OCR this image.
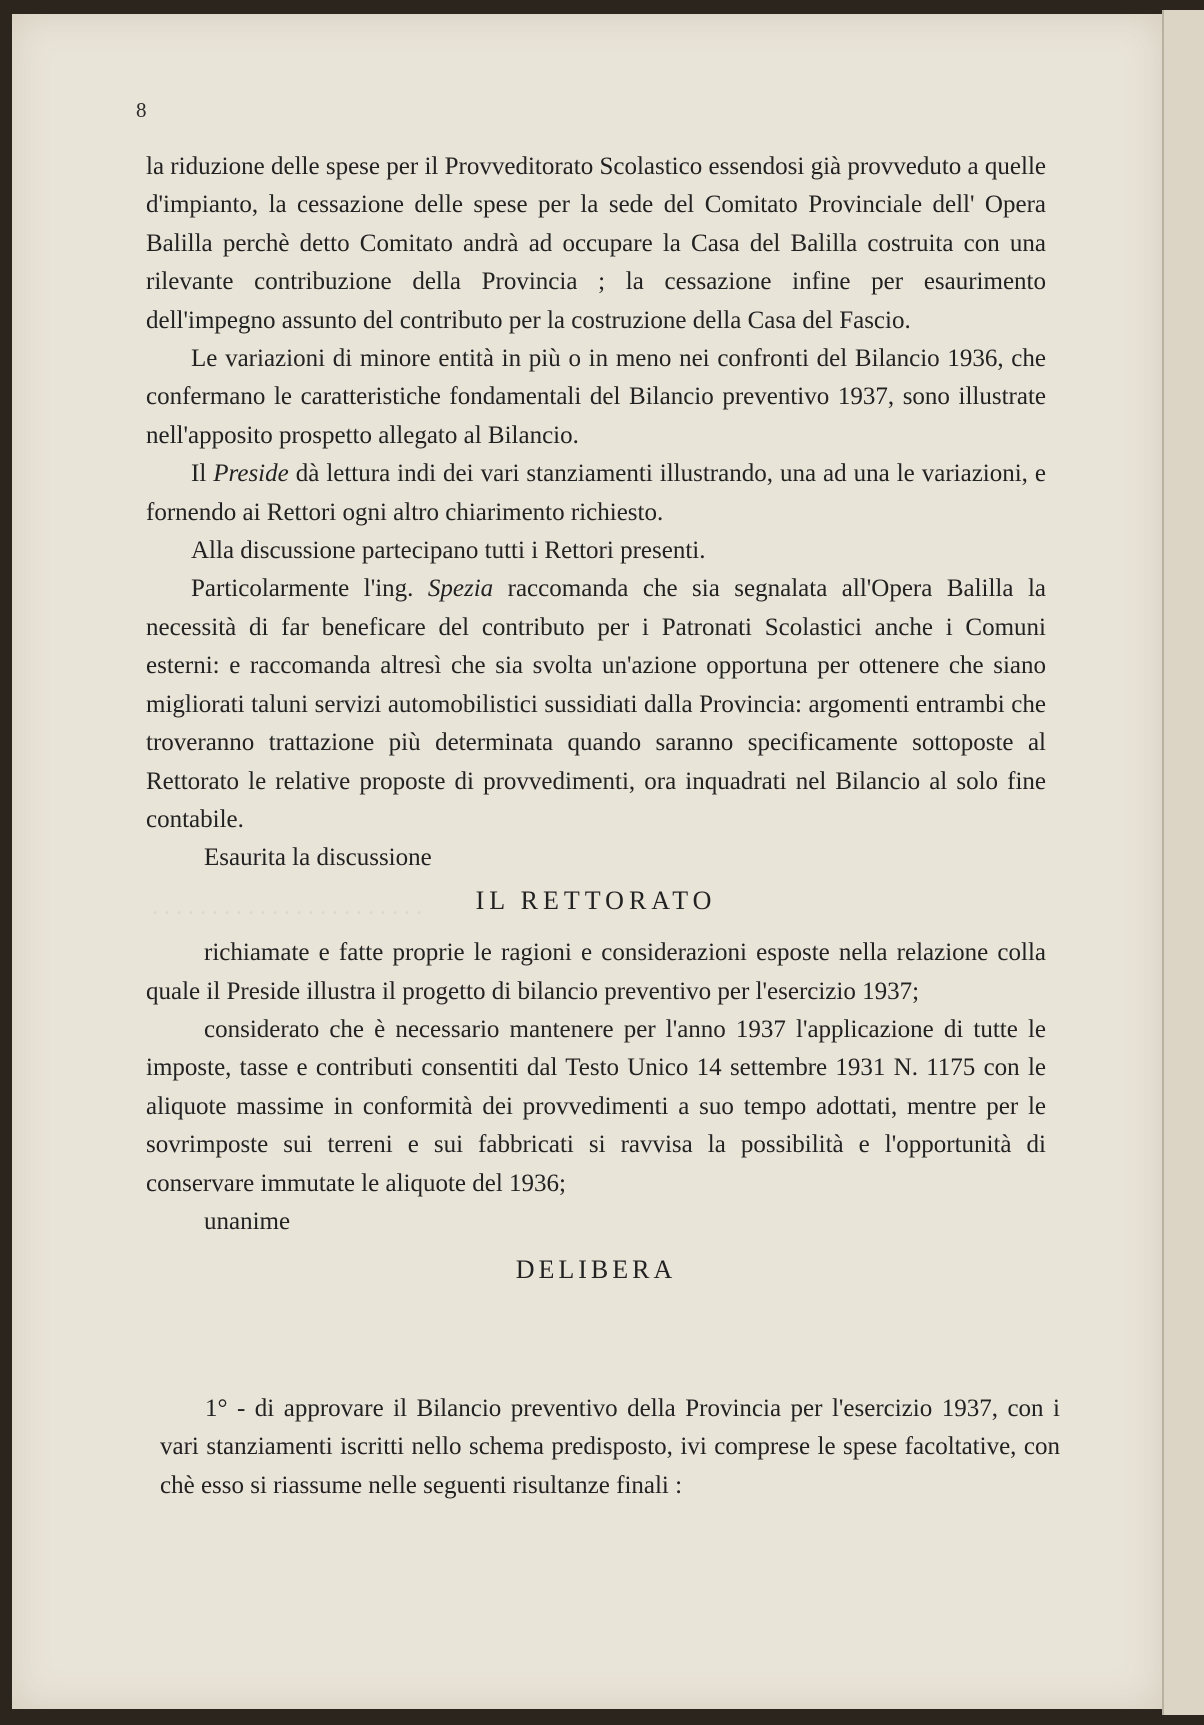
. . . . . . . . . . . . . . . . . . . . . . .
8

la riduzione delle spese per il Provveditorato Scolastico essendosi già provveduto a quelle d'impianto, la cessazione delle spese per la sede del Comitato Provinciale dell' Opera Balilla perchè detto Comitato andrà ad occupare la Casa del Balilla costruita con una rilevante contribuzione della Provincia ; la cessazione infine per esaurimento dell'impegno assunto del contributo per la costruzione della Casa del Fascio.

Le variazioni di minore entità in più o in meno nei confronti del Bilancio 1936, che confermano le caratteristiche fondamentali del Bilancio preventivo 1937, sono illustrate nell'apposito prospetto allegato al Bilancio.

Il Preside dà lettura indi dei vari stanziamenti illustrando, una ad una le variazioni, e fornendo ai Rettori ogni altro chiarimento richiesto.

Alla discussione partecipano tutti i Rettori presenti.

Particolarmente l'ing. Spezia raccomanda che sia segnalata all'Opera Balilla la necessità di far beneficare del contributo per i Patronati Scolastici anche i Comuni esterni: e raccomanda altresì che sia svolta un'azione opportuna per ottenere che siano migliorati taluni servizi automobilistici sussidiati dalla Provincia: argomenti entrambi che troveranno trattazione più determinata quando saranno specificamente sottoposte al Rettorato le relative proposte di provvedimenti, ora inquadrati nel Bilancio al solo fine contabile.

Esaurita la discussione

IL RETTORATO

richiamate e fatte proprie le ragioni e considerazioni esposte nella relazione colla quale il Preside illustra il progetto di bilancio preventivo per l'esercizio 1937;

considerato che è necessario mantenere per l'anno 1937 l'applicazione di tutte le imposte, tasse e contributi consentiti dal Testo Unico 14 settembre 1931 N. 1175 con le aliquote massime in conformità dei provvedimenti a suo tempo adottati, mentre per le sovrimposte sui terreni e sui fabbricati si ravvisa la possibilità e l'opportunità di conservare immutate le aliquote del 1936;

unanime

DELIBERA

1° - di approvare il Bilancio preventivo della Provincia per l'esercizio 1937, con i vari stanziamenti iscritti nello schema predisposto, ivi comprese le spese facoltative, con chè esso si riassume nelle seguenti risultanze finali :
